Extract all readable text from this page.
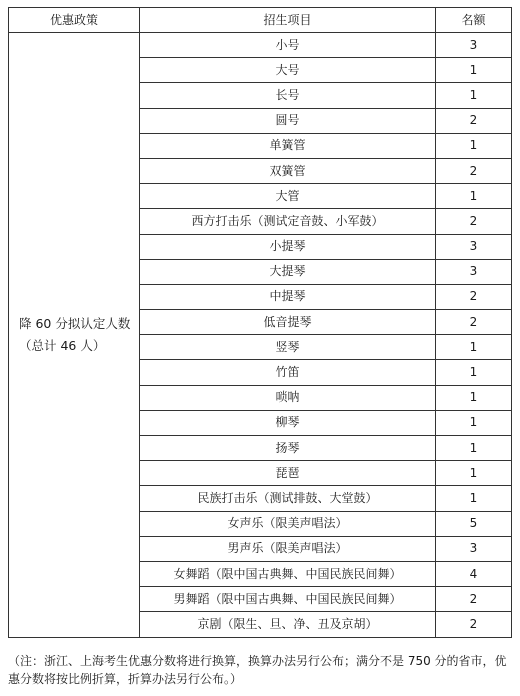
优惠政策	招生项目	名额
降 60 分拟认定人数（总计 46 人）	小号	3
	大号	1
	长号	1
	圆号	2
	单簧管	1
	双簧管	2
	大管	1
	西方打击乐（测试定音鼓、小军鼓）	2
	小提琴	3
	大提琴	3
	中提琴	2
	低音提琴	2
	竖琴	1
	竹笛	1
	唢呐	1
	柳琴	1
	扬琴	1
	琵琶	1
	民族打击乐（测试排鼓、大堂鼓）	1
	女声乐（限美声唱法）	5
	男声乐（限美声唱法）	3
	女舞蹈（限中国古典舞、中国民族民间舞）	4
	男舞蹈（限中国古典舞、中国民族民间舞）	2
	京剧（限生、旦、净、丑及京胡）	2
（注：浙江、上海考生优惠分数将进行换算，换算办法另行公布；满分不是 750 分的省市，优惠分数将按比例折算，折算办法另行公布。）
